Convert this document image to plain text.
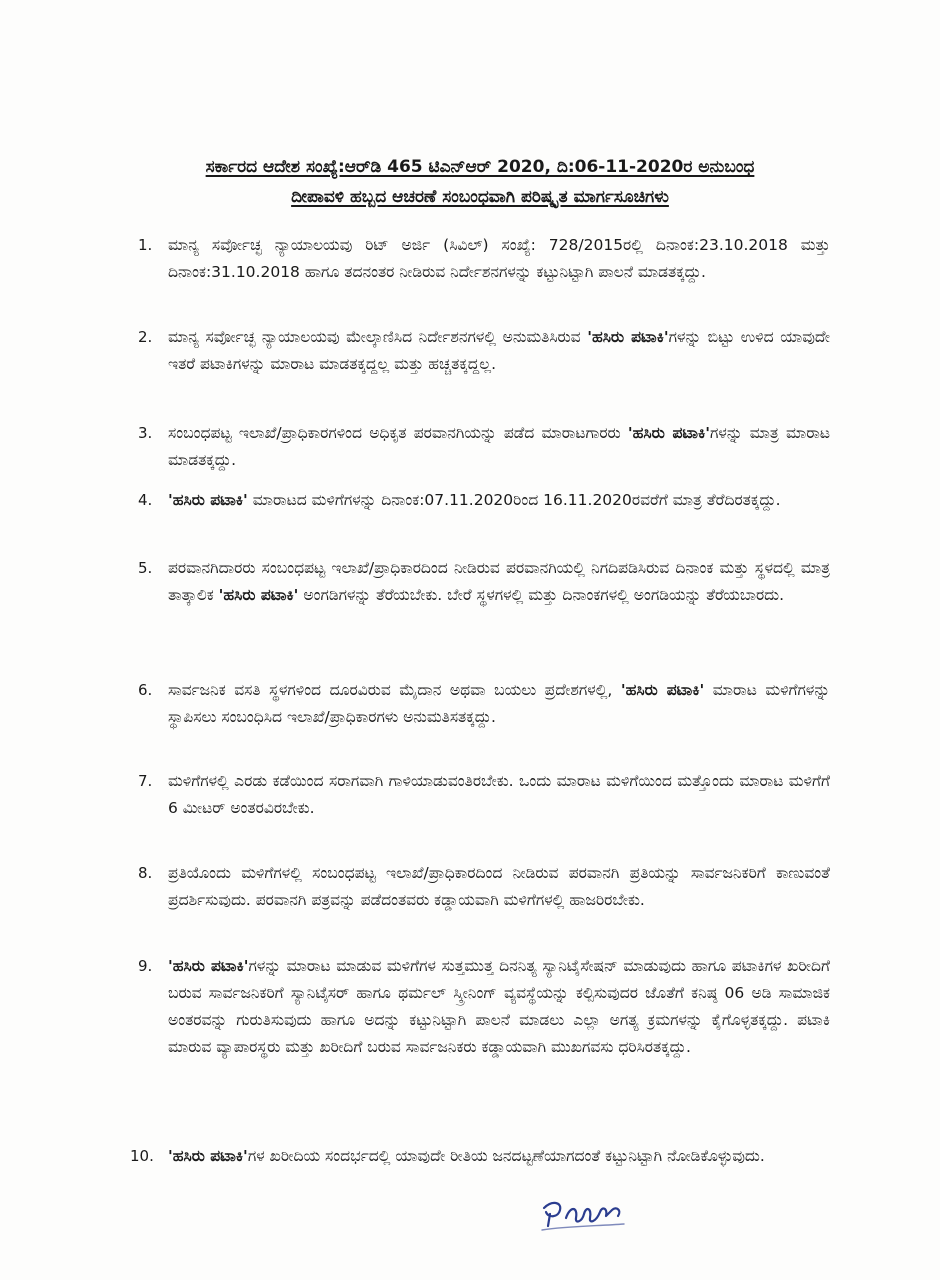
ಸರ್ಕಾರದ ಆದೇಶ ಸಂಖ್ಯೆ:ಆರ್‌ಡಿ 465 ಟಿಎನ್‌ಆರ್ 2020, ದಿ:06-11-2020ರ ಅನುಬಂಧ
ದೀಪಾವಳಿ ಹಬ್ಬದ ಆಚರಣೆ ಸಂಬಂಧವಾಗಿ ಪರಿಷ್ಕೃತ ಮಾರ್ಗಸೂಚಿಗಳು
1.	ಮಾನ್ಯ ಸರ್ವೋಚ್ಛ ನ್ಯಾಯಾಲಯವು ರಿಟ್ ಅರ್ಜಿ (ಸಿವಿಲ್) ಸಂಖ್ಯೆ: 728/2015ರಲ್ಲಿ ದಿನಾಂಕ:23.10.2018 ಮತ್ತು ದಿನಾಂಕ:31.10.2018 ಹಾಗೂ ತದನಂತರ ನೀಡಿರುವ ನಿರ್ದೇಶನಗಳನ್ನು ಕಟ್ಟುನಿಟ್ಟಾಗಿ ಪಾಲನೆ ಮಾಡತಕ್ಕದ್ದು.
2.	ಮಾನ್ಯ ಸರ್ವೋಚ್ಛ ನ್ಯಾಯಾಲಯವು ಮೇಲ್ಕಾಣಿಸಿದ ನಿರ್ದೇಶನಗಳಲ್ಲಿ ಅನುಮತಿಸಿರುವ 'ಹಸಿರು ಪಟಾಕಿ'ಗಳನ್ನು ಬಿಟ್ಟು ಉಳಿದ ಯಾವುದೇ ಇತರೆ ಪಟಾಕಿಗಳನ್ನು ಮಾರಾಟ ಮಾಡತಕ್ಕದ್ದಲ್ಲ ಮತ್ತು ಹಚ್ಚತಕ್ಕದ್ದಲ್ಲ.
3.	ಸಂಬಂಧಪಟ್ಟ ಇಲಾಖೆ/ಪ್ರಾಧಿಕಾರಗಳಿಂದ ಅಧಿಕೃತ ಪರವಾನಗಿಯನ್ನು ಪಡೆದ ಮಾರಾಟಗಾರರು 'ಹಸಿರು ಪಟಾಕಿ'ಗಳನ್ನು ಮಾತ್ರ ಮಾರಾಟ ಮಾಡತಕ್ಕದ್ದು.
4.	'ಹಸಿರು ಪಟಾಕಿ' ಮಾರಾಟದ ಮಳಿಗೆಗಳನ್ನು ದಿನಾಂಕ:07.11.2020ರಿಂದ 16.11.2020ರವರೆಗೆ ಮಾತ್ರ ತೆರೆದಿರತಕ್ಕದ್ದು.
5.	ಪರವಾನಗಿದಾರರು ಸಂಬಂಧಪಟ್ಟ ಇಲಾಖೆ/ಪ್ರಾಧಿಕಾರದಿಂದ ನೀಡಿರುವ ಪರವಾನಗಿಯಲ್ಲಿ ನಿಗದಿಪಡಿಸಿರುವ ದಿನಾಂಕ ಮತ್ತು ಸ್ಥಳದಲ್ಲಿ ಮಾತ್ರ ತಾತ್ಕಾಲಿಕ 'ಹಸಿರು ಪಟಾಕಿ' ಅಂಗಡಿಗಳನ್ನು ತೆರೆಯಬೇಕು. ಬೇರೆ ಸ್ಥಳಗಳಲ್ಲಿ ಮತ್ತು ದಿನಾಂಕಗಳಲ್ಲಿ ಅಂಗಡಿಯನ್ನು ತೆರೆಯಬಾರದು.
6.	ಸಾರ್ವಜನಿಕ ವಸತಿ ಸ್ಥಳಗಳಿಂದ ದೂರವಿರುವ ಮೈದಾನ ಅಥವಾ ಬಯಲು ಪ್ರದೇಶಗಳಲ್ಲಿ, 'ಹಸಿರು ಪಟಾಕಿ' ಮಾರಾಟ ಮಳಿಗೆಗಳನ್ನು ಸ್ಥಾಪಿಸಲು ಸಂಬಂಧಿಸಿದ ಇಲಾಖೆ/ಪ್ರಾಧಿಕಾರಗಳು ಅನುಮತಿಸತಕ್ಕದ್ದು.
7.	ಮಳಿಗೆಗಳಲ್ಲಿ ಎರಡು ಕಡೆಯಿಂದ ಸರಾಗವಾಗಿ ಗಾಳಿಯಾಡುವಂತಿರಬೇಕು. ಒಂದು ಮಾರಾಟ ಮಳಿಗೆಯಿಂದ ಮತ್ತೊಂದು ಮಾರಾಟ ಮಳಿಗೆಗೆ 6 ಮೀಟರ್ ಅಂತರವಿರಬೇಕು.
8.	ಪ್ರತಿಯೊಂದು ಮಳಿಗೆಗಳಲ್ಲಿ ಸಂಬಂಧಪಟ್ಟ ಇಲಾಖೆ/ಪ್ರಾಧಿಕಾರದಿಂದ ನೀಡಿರುವ ಪರವಾನಗಿ ಪ್ರತಿಯನ್ನು ಸಾರ್ವಜನಿಕರಿಗೆ ಕಾಣುವಂತೆ ಪ್ರದರ್ಶಿಸುವುದು. ಪರವಾನಗಿ ಪತ್ರವನ್ನು ಪಡೆದಂತವರು ಕಡ್ಡಾಯವಾಗಿ ಮಳಿಗೆಗಳಲ್ಲಿ ಹಾಜರಿರಬೇಕು.
9.	'ಹಸಿರು ಪಟಾಕಿ'ಗಳನ್ನು ಮಾರಾಟ ಮಾಡುವ ಮಳಿಗೆಗಳ ಸುತ್ತಮುತ್ತ ದಿನನಿತ್ಯ ಸ್ಯಾನಿಟೈಸೇಷನ್ ಮಾಡುವುದು ಹಾಗೂ ಪಟಾಕಿಗಳ ಖರೀದಿಗೆ ಬರುವ ಸಾರ್ವಜನಿಕರಿಗೆ ಸ್ಯಾನಿಟೈಸರ್ ಹಾಗೂ ಥರ್ಮಲ್ ಸ್ಕ್ರೀನಿಂಗ್ ವ್ಯವಸ್ಥೆಯನ್ನು ಕಲ್ಪಿಸುವುದರ ಜೊತೆಗೆ ಕನಿಷ್ಠ 06 ಅಡಿ ಸಾಮಾಜಿಕ ಅಂತರವನ್ನು ಗುರುತಿಸುವುದು ಹಾಗೂ ಅದನ್ನು ಕಟ್ಟುನಿಟ್ಟಾಗಿ ಪಾಲನೆ ಮಾಡಲು ಎಲ್ಲಾ ಅಗತ್ಯ ಕ್ರಮಗಳನ್ನು ಕೈಗೊಳ್ಳತಕ್ಕದ್ದು. ಪಟಾಕಿ ಮಾರುವ ವ್ಯಾಪಾರಸ್ಥರು ಮತ್ತು ಖರೀದಿಗೆ ಬರುವ ಸಾರ್ವಜನಿಕರು ಕಡ್ಡಾಯವಾಗಿ ಮುಖಗವಸು ಧರಿಸಿರತಕ್ಕದ್ದು.
10. 'ಹಸಿರು ಪಟಾಕಿ'ಗಳ ಖರೀದಿಯ ಸಂದರ್ಭದಲ್ಲಿ ಯಾವುದೇ ರೀತಿಯ ಜನದಟ್ಟಣೆಯಾಗದಂತೆ ಕಟ್ಟುನಿಟ್ಟಾಗಿ ನೋಡಿಕೊಳ್ಳುವುದು.
